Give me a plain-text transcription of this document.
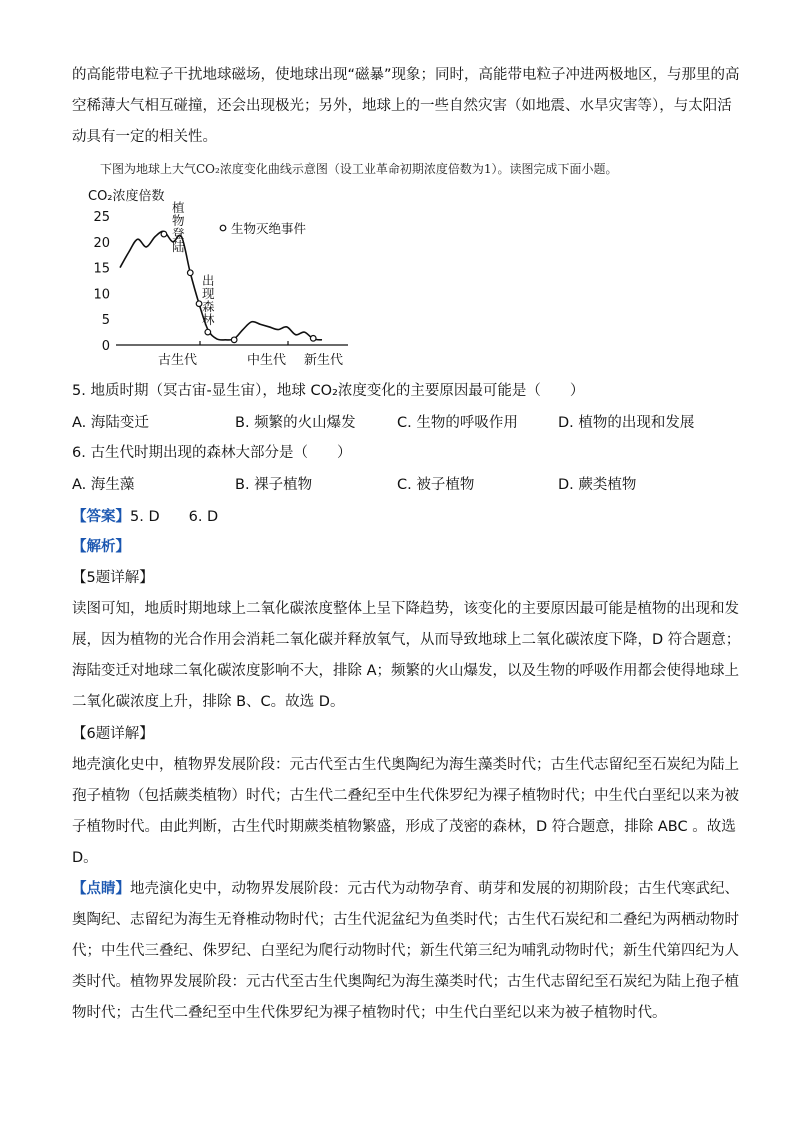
的高能带电粒子干扰地球磁场，使地球出现“磁暴”现象；同时，高能带电粒子冲进两极地区，与那里的高
空稀薄大气相互碰撞，还会出现极光；另外，地球上的一些自然灾害（如地震、水旱灾害等），与太阳活
动具有一定的相关性。
下图为地球上大气CO₂浓度变化曲线示意图（设工业革命初期浓度倍数为1）。读图完成下面小题。
CO₂浓度倍数
0
5
10
15
20
25
古生代	中生代 新生代
生物灭绝事件
植物登陆
出现森林
5. 地质时期（冥古宙-显生宙），地球 CO₂浓度变化的主要原因最可能是（　　）
A. 海陆变迁	B. 频繁的火山爆发	C. 生物的呼吸作用	D. 植物的出现和发展
6. 古生代时期出现的森林大部分是（　　）
A. 海生藻	B. 裸子植物	C. 被子植物	D. 蕨类植物
【答案】5. D　　6. D
【解析】
【5题详解】
读图可知，地质时期地球上二氧化碳浓度整体上呈下降趋势，该变化的主要原因最可能是植物的出现和发
展，因为植物的光合作用会消耗二氧化碳并释放氧气，从而导致地球上二氧化碳浓度下降，D 符合题意；
海陆变迁对地球二氧化碳浓度影响不大，排除 A；频繁的火山爆发，以及生物的呼吸作用都会使得地球上
二氧化碳浓度上升，排除 B、C。故选 D。
【6题详解】
地壳演化史中，植物界发展阶段：元古代至古生代奥陶纪为海生藻类时代；古生代志留纪至石炭纪为陆上
孢子植物（包括蕨类植物）时代；古生代二叠纪至中生代侏罗纪为裸子植物时代；中生代白垩纪以来为被
子植物时代。由此判断，古生代时期蕨类植物繁盛，形成了茂密的森林，D 符合题意，排除 ABC 。故选
D。
【点睛】地壳演化史中，动物界发展阶段：元古代为动物孕育、萌芽和发展的初期阶段；古生代寒武纪、
奥陶纪、志留纪为海生无脊椎动物时代；古生代泥盆纪为鱼类时代；古生代石炭纪和二叠纪为两栖动物时
代；中生代三叠纪、侏罗纪、白垩纪为爬行动物时代；新生代第三纪为哺乳动物时代；新生代第四纪为人
类时代。植物界发展阶段：元古代至古生代奥陶纪为海生藻类时代；古生代志留纪至石炭纪为陆上孢子植
物时代；古生代二叠纪至中生代侏罗纪为裸子植物时代；中生代白垩纪以来为被子植物时代。
